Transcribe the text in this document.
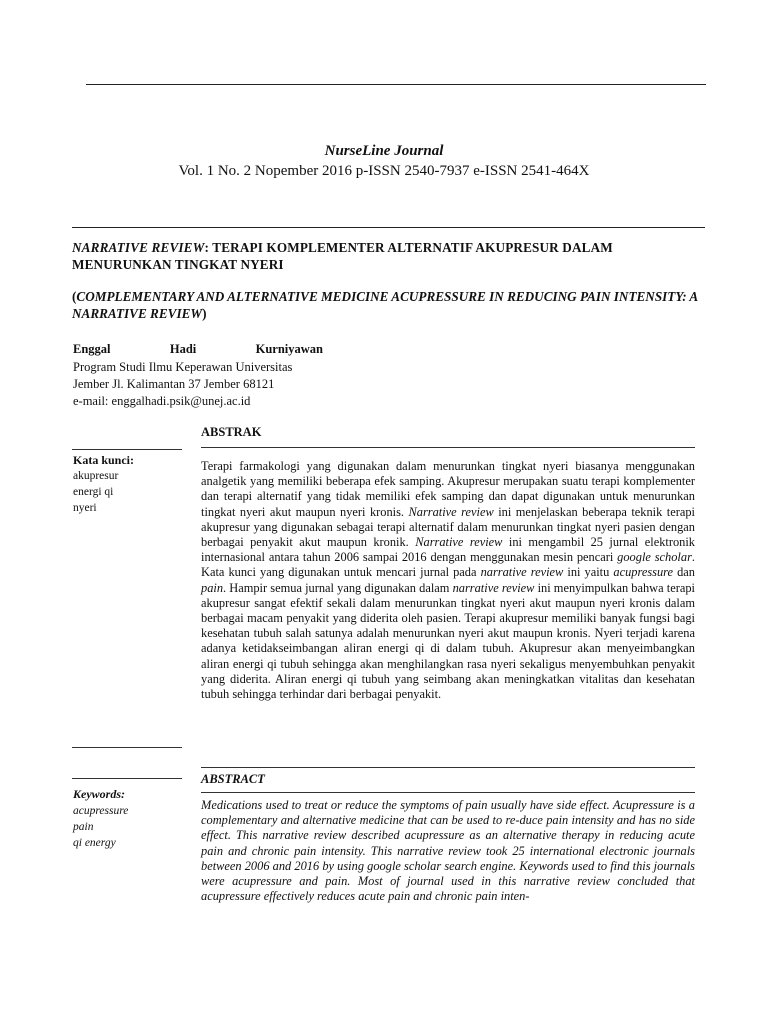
NurseLine Journal
Vol. 1 No. 2 Nopember 2016 p-ISSN 2540-7937 e-ISSN 2541-464X
NARRATIVE REVIEW: TERAPI KOMPLEMENTER ALTERNATIF AKUPRESUR DALAM MENURUNKAN TINGKAT NYERI
(COMPLEMENTARY AND ALTERNATIVE MEDICINE ACUPRESSURE IN REDUCING PAIN INTENSITY: A NARRATIVE REVIEW)
Enggal	Hadi	Kurniyawan
Program Studi Ilmu Keperawan Universitas
Jember Jl. Kalimantan 37 Jember 68121
e-mail: enggalhadi.psik@unej.ac.id
ABSTRAK
Kata kunci:
akupresur
energi qi
nyeri
Terapi farmakologi yang digunakan dalam menurunkan tingkat nyeri biasanya menggunakan analgetik yang memiliki beberapa efek samping. Akupresur merupakan suatu terapi komplementer dan terapi alternatif yang tidak memiliki efek samping dan dapat digunakan untuk menurunkan tingkat nyeri akut maupun nyeri kronis. Narrative review ini menjelaskan beberapa teknik terapi akupresur yang digunakan sebagai terapi alternatif dalam menurunkan tingkat nyeri pasien dengan berbagai penyakit akut maupun kronik. Narrative review ini mengambil 25 jurnal elektronik internasional antara tahun 2006 sampai 2016 dengan menggunakan mesin pencari google scholar. Kata kunci yang digunakan untuk mencari jurnal pada narrative review ini yaitu acupressure dan pain. Hampir semua jurnal yang digunakan dalam narrative review ini menyimpulkan bahwa terapi akupresur sangat efektif sekali dalam menurunkan tingkat nyeri akut maupun nyeri kronis dalam berbagai macam penyakit yang diderita oleh pasien. Terapi akupresur memiliki banyak fungsi bagi kesehatan tubuh salah satunya adalah menurunkan nyeri akut maupun kronis. Nyeri terjadi karena adanya ketidakseimbangan aliran energi qi di dalam tubuh. Akupresur akan menyeimbangkan aliran energi qi tubuh sehingga akan menghilangkan rasa nyeri sekaligus menyembuhkan penyakit yang diderita. Aliran energi qi tubuh yang seimbang akan meningkatkan vitalitas dan kesehatan tubuh sehingga terhindar dari berbagai penyakit.
ABSTRACT
Keywords:
acupressure
pain
qi energy
Medications used to treat or reduce the symptoms of pain usually have side effect. Acupressure is a complementary and alternative medicine that can be used to re-duce pain intensity and has no side effect. This narrative review described acupressure as an alternative therapy in reducing acute pain and chronic pain intensity. This narrative review took 25 international electronic journals between 2006 and 2016 by using google scholar search engine. Keywords used to find this journals were acupressure and pain. Most of journal used in this narrative review concluded that acupressure effectively reduces acute pain and chronic pain inten-
